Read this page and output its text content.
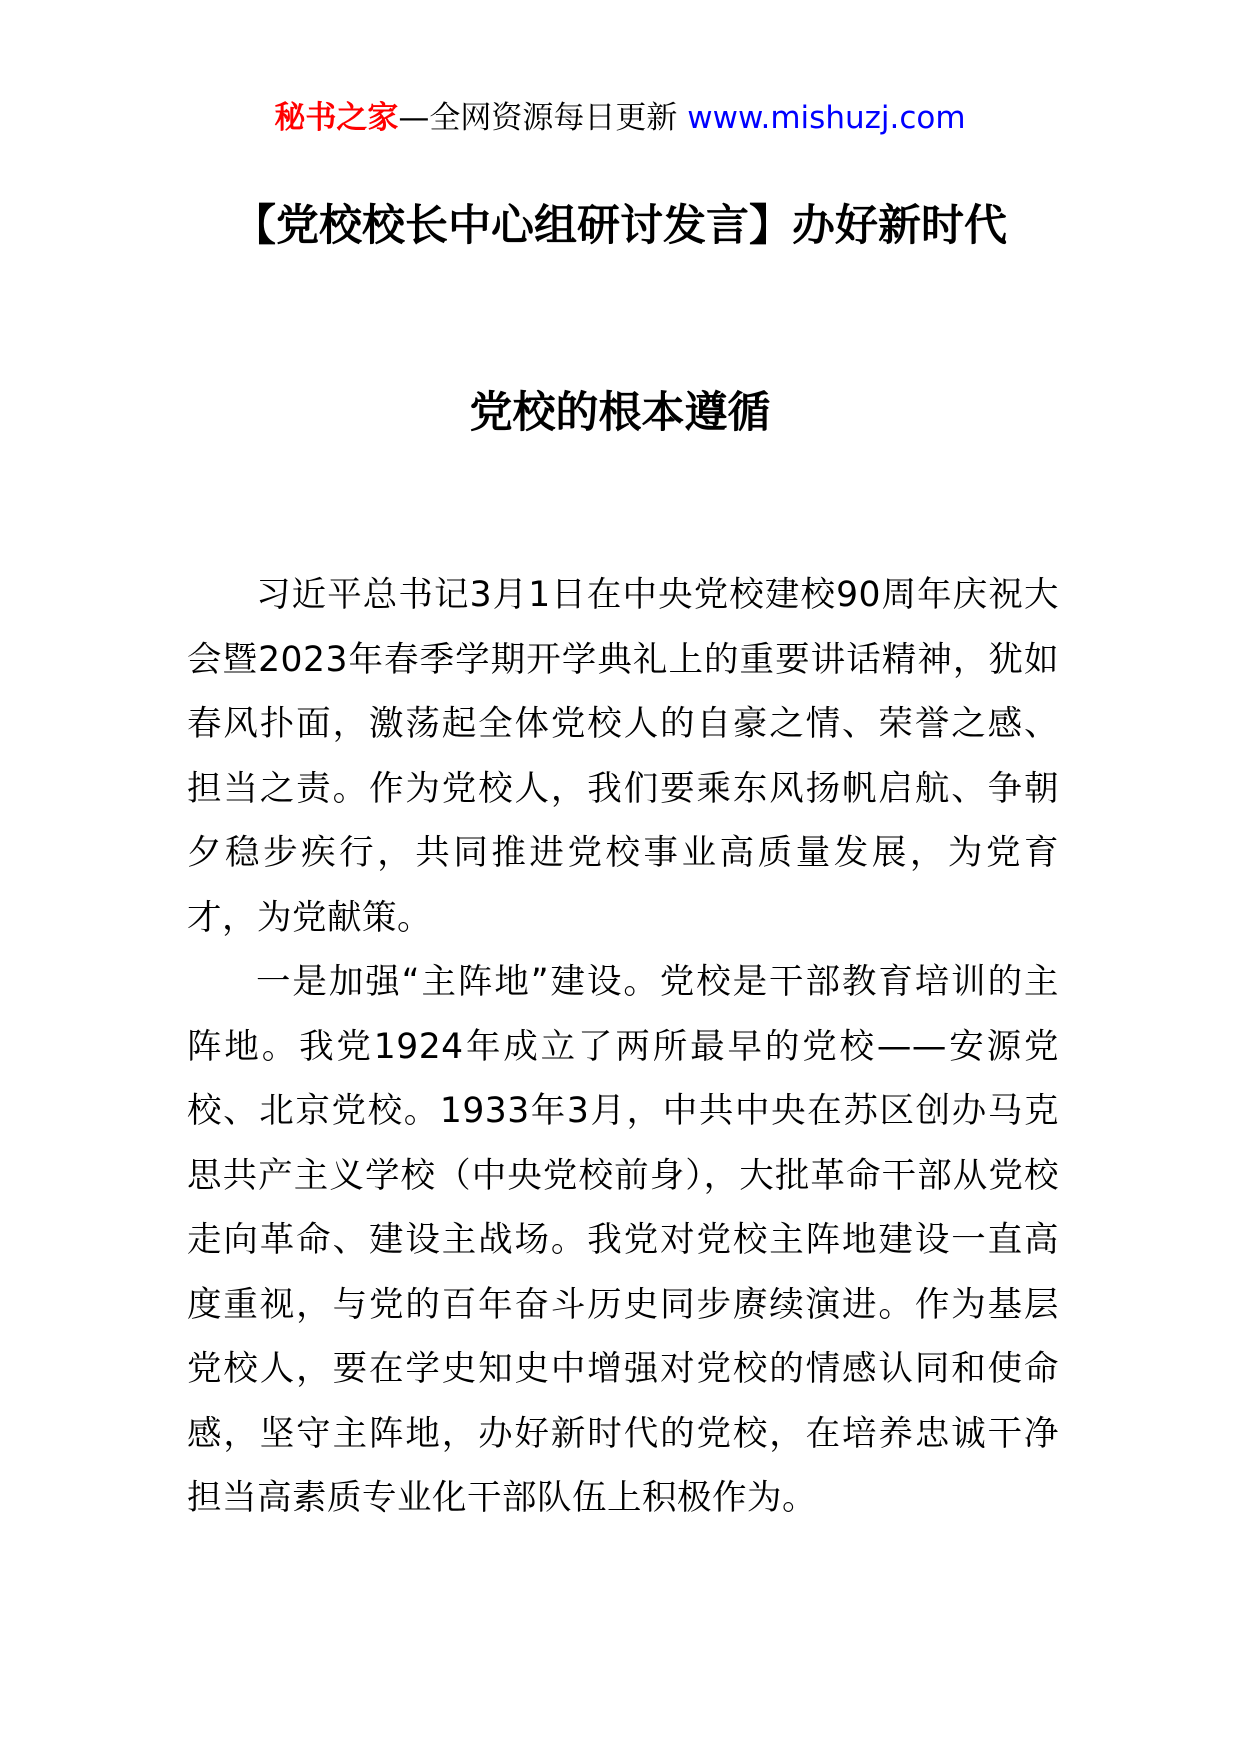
秘书之家—全网资源每日更新 www.mishuzj.com
【党校校长中心组研讨发言】办好新时代
党校的根本遵循

习近平总书记3月1日在中央党校建校90周年庆祝大会暨2023年春季学期开学典礼上的重要讲话精神，犹如春风扑面，激荡起全体党校人的自豪之情、荣誉之感、担当之责。作为党校人，我们要乘东风扬帆启航、争朝夕稳步疾行，共同推进党校事业高质量发展，为党育才，为党献策。

一是加强“主阵地”建设。党校是干部教育培训的主阵地。我党1924年成立了两所最早的党校——安源党校、北京党校。1933年3月，中共中央在苏区创办马克思共产主义学校（中央党校前身），大批革命干部从党校走向革命、建设主战场。我党对党校主阵地建设一直高度重视，与党的百年奋斗历史同步赓续演进。作为基层党校人，要在学史知史中增强对党校的情感认同和使命感，坚守主阵地，办好新时代的党校，在培养忠诚干净担当高素质专业化干部队伍上积极作为。
